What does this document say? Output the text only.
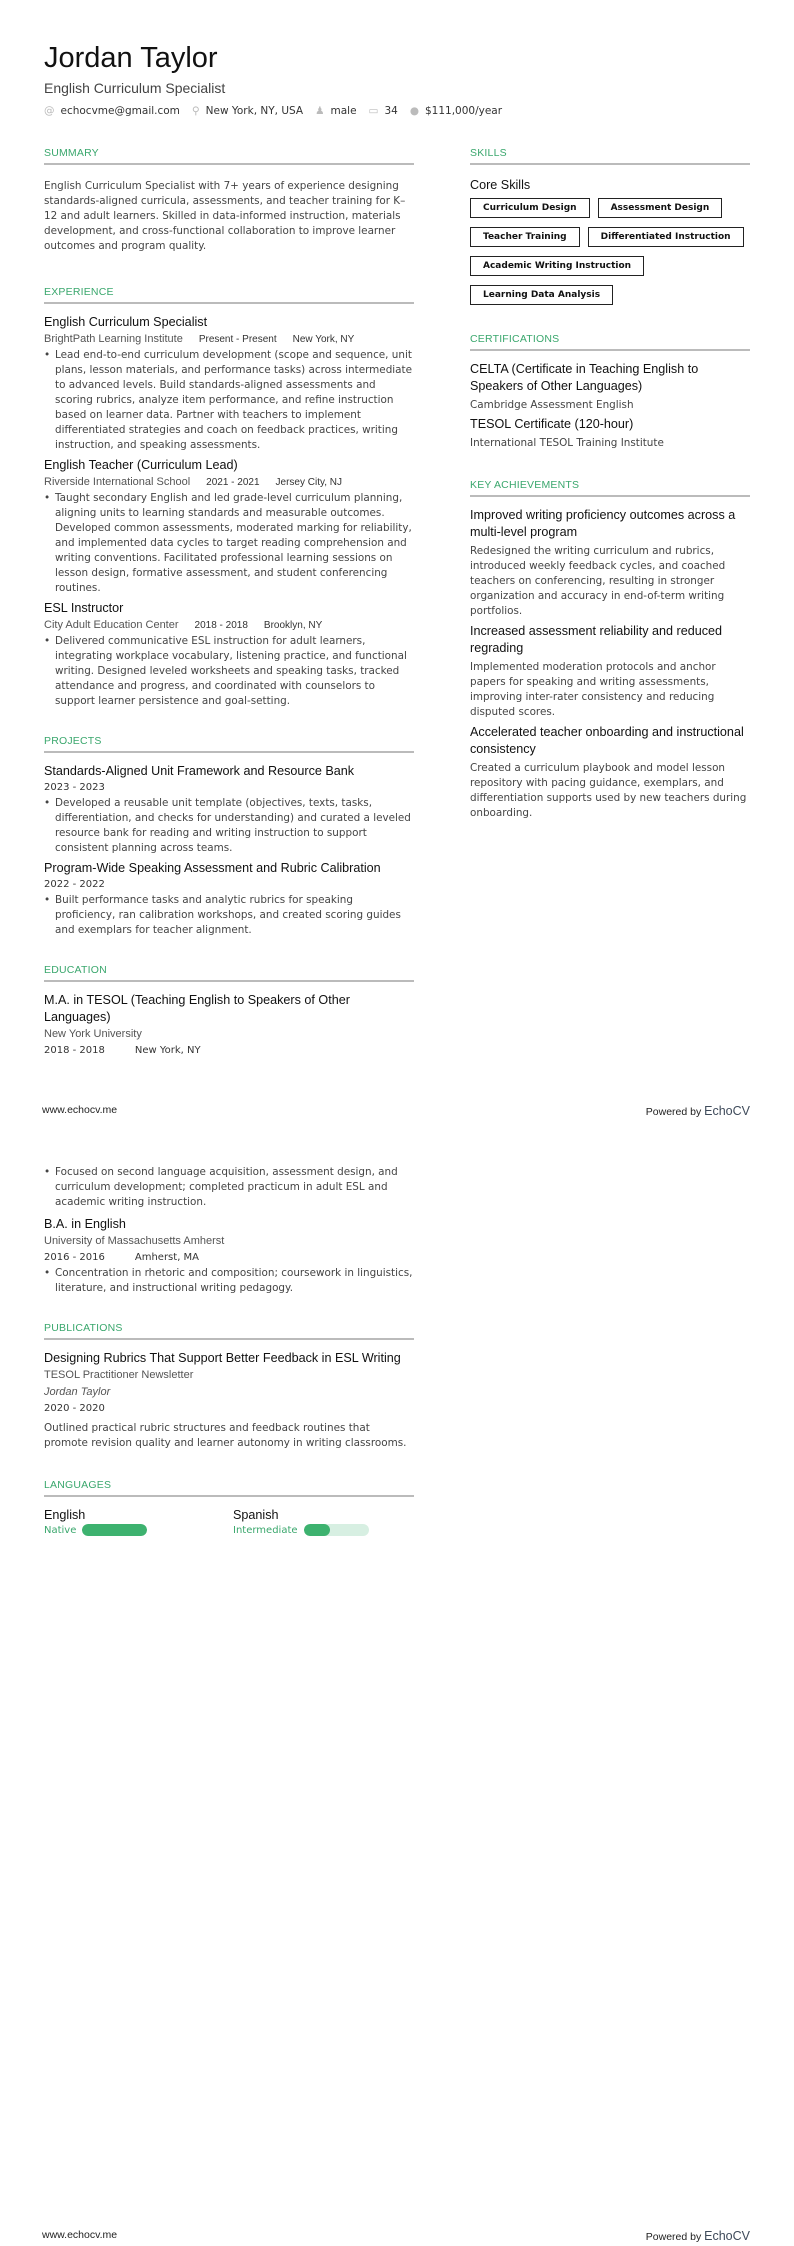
Jordan Taylor
English Curriculum Specialist
@ echocvme@gmail.com ⚲ New York, NY, USA ♟ male ▭ 34 ● $111,000/year
SUMMARY

English Curriculum Specialist with 7+ years of experience designing standards-aligned curricula, assessments, and teacher training for K–12 and adult learners. Skilled in data-informed instruction, materials development, and cross-functional collaboration to improve learner outcomes and program quality.

EXPERIENCE
English Curriculum Specialist
BrightPath Learning Institute Present - Present New York, NY
• Lead end-to-end curriculum development (scope and sequence, unit plans, lesson materials, and performance tasks) across intermediate to advanced levels. Build standards-aligned assessments and scoring rubrics, analyze item performance, and refine instruction based on learner data. Partner with teachers to implement differentiated strategies and coach on feedback practices, writing instruction, and speaking assessments.
English Teacher (Curriculum Lead)
Riverside International School 2021 - 2021 Jersey City, NJ
• Taught secondary English and led grade-level curriculum planning, aligning units to learning standards and measurable outcomes. Developed common assessments, moderated marking for reliability, and implemented data cycles to target reading comprehension and writing conventions. Facilitated professional learning sessions on lesson design, formative assessment, and student conferencing routines.
ESL Instructor
City Adult Education Center 2018 - 2018 Brooklyn, NY
• Delivered communicative ESL instruction for adult learners, integrating workplace vocabulary, listening practice, and functional writing. Designed leveled worksheets and speaking tasks, tracked attendance and progress, and coordinated with counselors to support learner persistence and goal-setting.
PROJECTS
Standards-Aligned Unit Framework and Resource Bank
2023 - 2023
• Developed a reusable unit template (objectives, texts, tasks, differentiation, and checks for understanding) and curated a leveled resource bank for reading and writing instruction to support consistent planning across teams.
Program-Wide Speaking Assessment and Rubric Calibration
2022 - 2022
• Built performance tasks and analytic rubrics for speaking proficiency, ran calibration workshops, and created scoring guides and exemplars for teacher alignment.
EDUCATION
M.A. in TESOL (Teaching English to Speakers of Other Languages)
New York University
2018 - 2018	New York, NY
SKILLS
Core Skills
Curriculum Design	Assessment Design
Teacher Training	Differentiated Instruction
Academic Writing Instruction
Learning Data Analysis
CERTIFICATIONS
CELTA (Certificate in Teaching English to Speakers of Other Languages)
Cambridge Assessment English
TESOL Certificate (120-hour)
International TESOL Training Institute
KEY ACHIEVEMENTS
Improved writing proficiency outcomes across a multi-level program

Redesigned the writing curriculum and rubrics, introduced weekly feedback cycles, and coached teachers on conferencing, resulting in stronger organization and accuracy in end-of-term writing portfolios.

Increased assessment reliability and reduced regrading

Implemented moderation protocols and anchor papers for speaking and writing assessments, improving inter-rater consistency and reducing disputed scores.

Accelerated teacher onboarding and instructional consistency

Created a curriculum playbook and model lesson repository with pacing guidance, exemplars, and differentiation supports used by new teachers during onboarding.

www.echocv.me	Powered by EchoCV
• Focused on second language acquisition, assessment design, and curriculum development; completed practicum in adult ESL and academic writing instruction.
B.A. in English
University of Massachusetts Amherst
2016 - 2016	Amherst, MA
• Concentration in rhetoric and composition; coursework in linguistics, literature, and instructional writing pedagogy.
PUBLICATIONS
Designing Rubrics That Support Better Feedback in ESL Writing
TESOL Practitioner Newsletter
Jordan Taylor
2020 - 2020

Outlined practical rubric structures and feedback routines that promote revision quality and learner autonomy in writing classrooms.

LANGUAGES
English
Native
Spanish
Intermediate
www.echocv.me	Powered by EchoCV
